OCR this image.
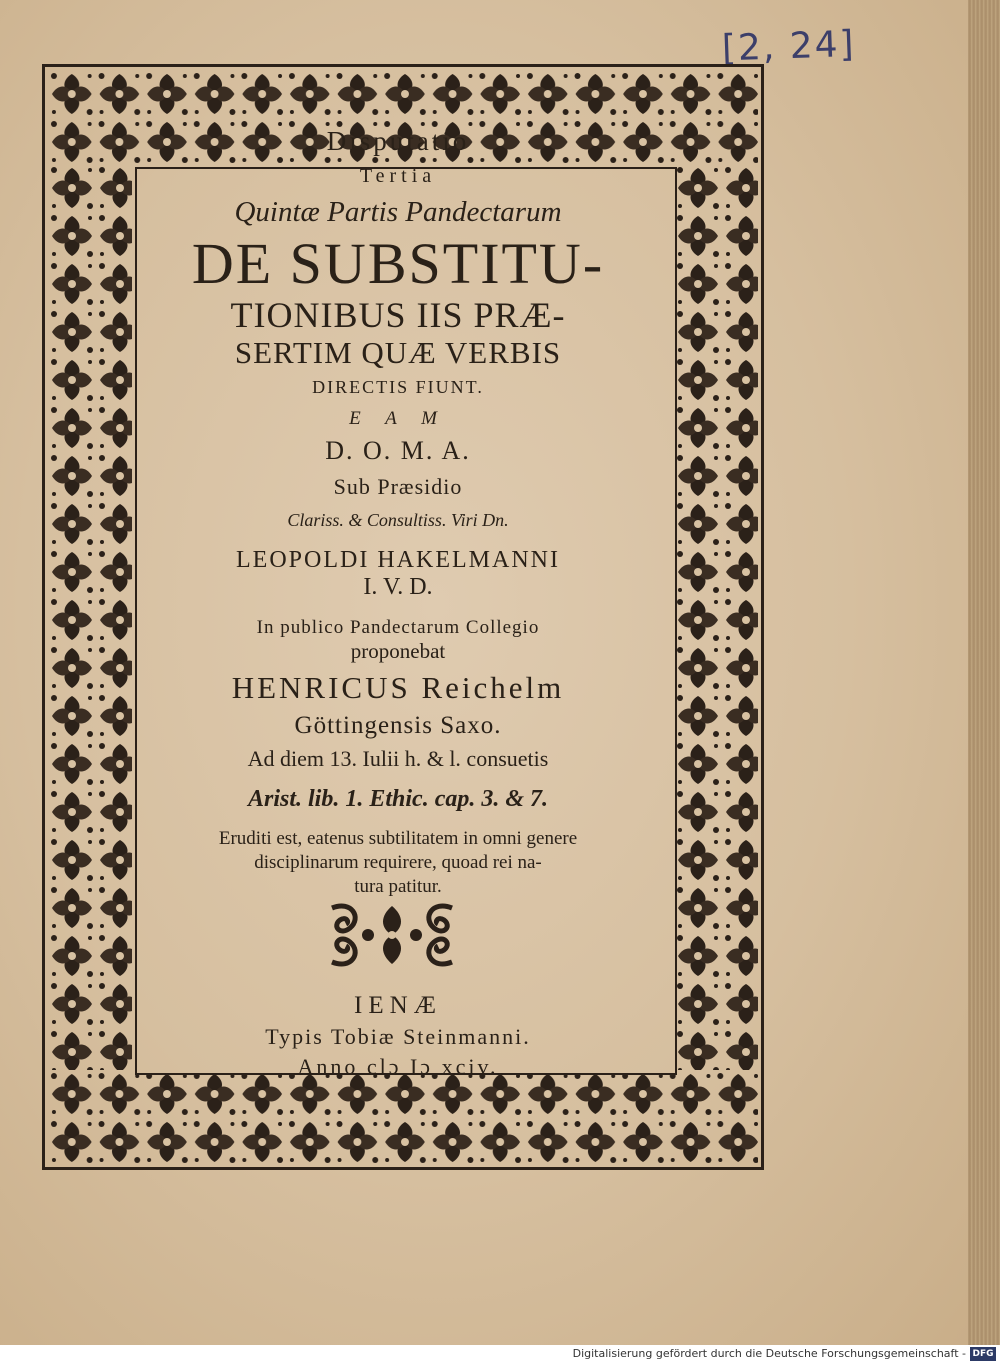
[2, 24]
Disputatio
Tertia
Quintæ Partis Pandectarum
DE SUBSTITU-
TIONIBUS IIS PRÆ-
SERTIM QUÆ VERBIS
DIRECTIS FIUNT.
E A M
D. O. M. A.
Sub Præsidio
Clariss. & Consultiss. Viri Dn.
LEOPOLDI HAKELMANNI
I. V. D.
In publico Pandectarum Collegio
proponebat
HENRICUS Reichelm
Göttingensis Saxo.
Ad diem 13. Iulii h. & l. consuetis
Arist. lib. 1. Ethic. cap. 3. & 7.
Eruditi est, eatenus subtilitatem in omni genere
disciplinarum requirere, quoad rei na-
tura patitur.
IENÆ
Typis Tobiæ Steinmanni.
Anno clɔ Iɔ xciv.
Digitalisierung gefördert durch die Deutsche Forschungsgemeinschaft - DFG
